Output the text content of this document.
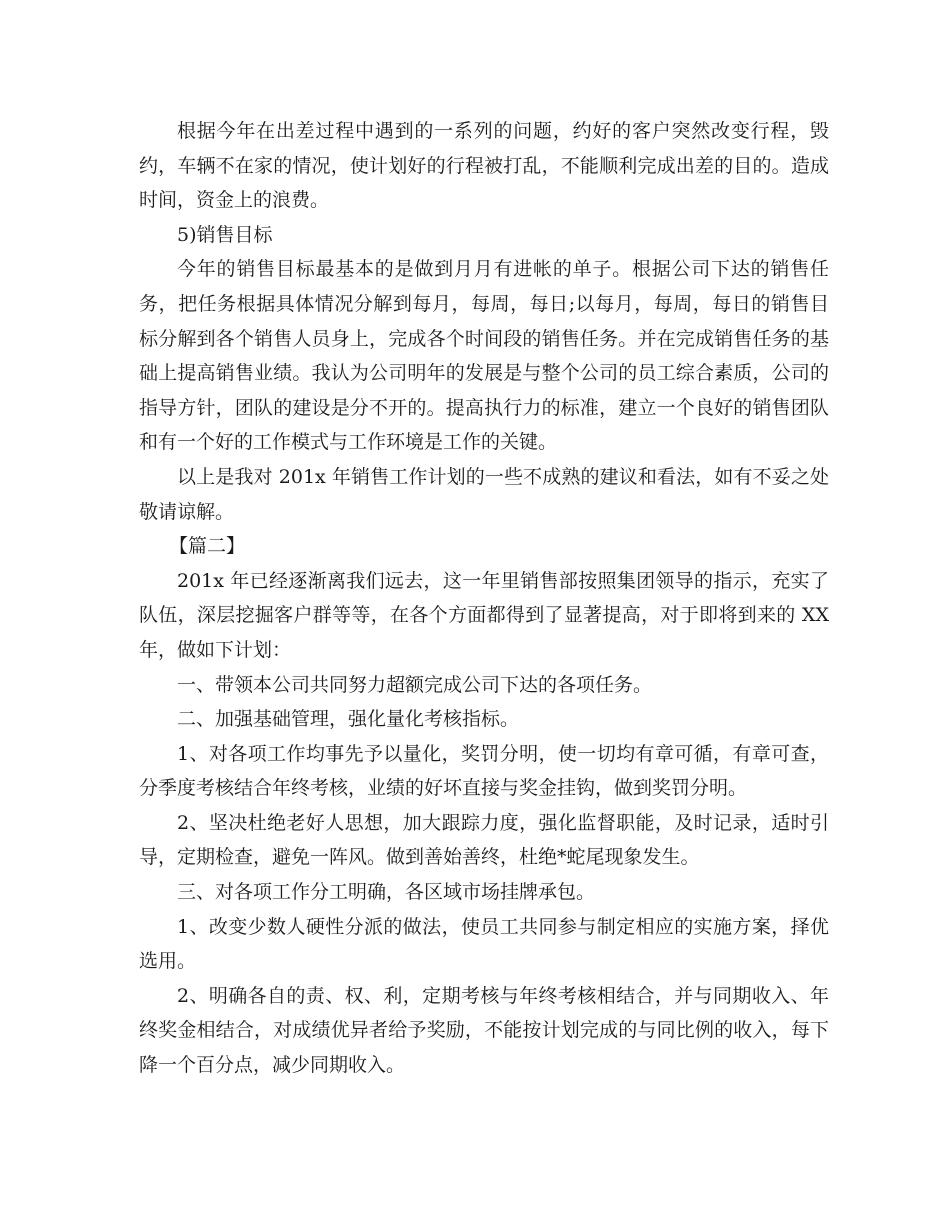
根据今年在出差过程中遇到的一系列的问题，约好的客户突然改变行程，毁约，车辆不在家的情况，使计划好的行程被打乱，不能顺利完成出差的目的。造成时间，资金上的浪费。

5)销售目标

今年的销售目标最基本的是做到月月有进帐的单子。根据公司下达的销售任务，把任务根据具体情况分解到每月，每周，每日;以每月，每周，每日的销售目标分解到各个销售人员身上，完成各个时间段的销售任务。并在完成销售任务的基础上提高销售业绩。我认为公司明年的发展是与整个公司的员工综合素质，公司的指导方针，团队的建设是分不开的。提高执行力的标准，建立一个良好的销售团队和有一个好的工作模式与工作环境是工作的关键。

以上是我对 201x 年销售工作计划的一些不成熟的建议和看法，如有不妥之处敬请谅解。

【篇二】

201x 年已经逐渐离我们远去，这一年里销售部按照集团领导的指示，充实了队伍，深层挖掘客户群等等，在各个方面都得到了显著提高，对于即将到来的 XX 年，做如下计划：

一、带领本公司共同努力超额完成公司下达的各项任务。

二、加强基础管理，强化量化考核指标。

1、对各项工作均事先予以量化，奖罚分明，使一切均有章可循，有章可查，分季度考核结合年终考核，业绩的好坏直接与奖金挂钩，做到奖罚分明。

2、坚决杜绝老好人思想，加大跟踪力度，强化监督职能，及时记录，适时引导，定期检查，避免一阵风。做到善始善终，杜绝*蛇尾现象发生。

三、对各项工作分工明确，各区域市场挂牌承包。

1、改变少数人硬性分派的做法，使员工共同参与制定相应的实施方案，择优选用。

2、明确各自的责、权、利，定期考核与年终考核相结合，并与同期收入、年终奖金相结合，对成绩优异者给予奖励，不能按计划完成的与同比例的收入，每下降一个百分点，减少同期收入。
